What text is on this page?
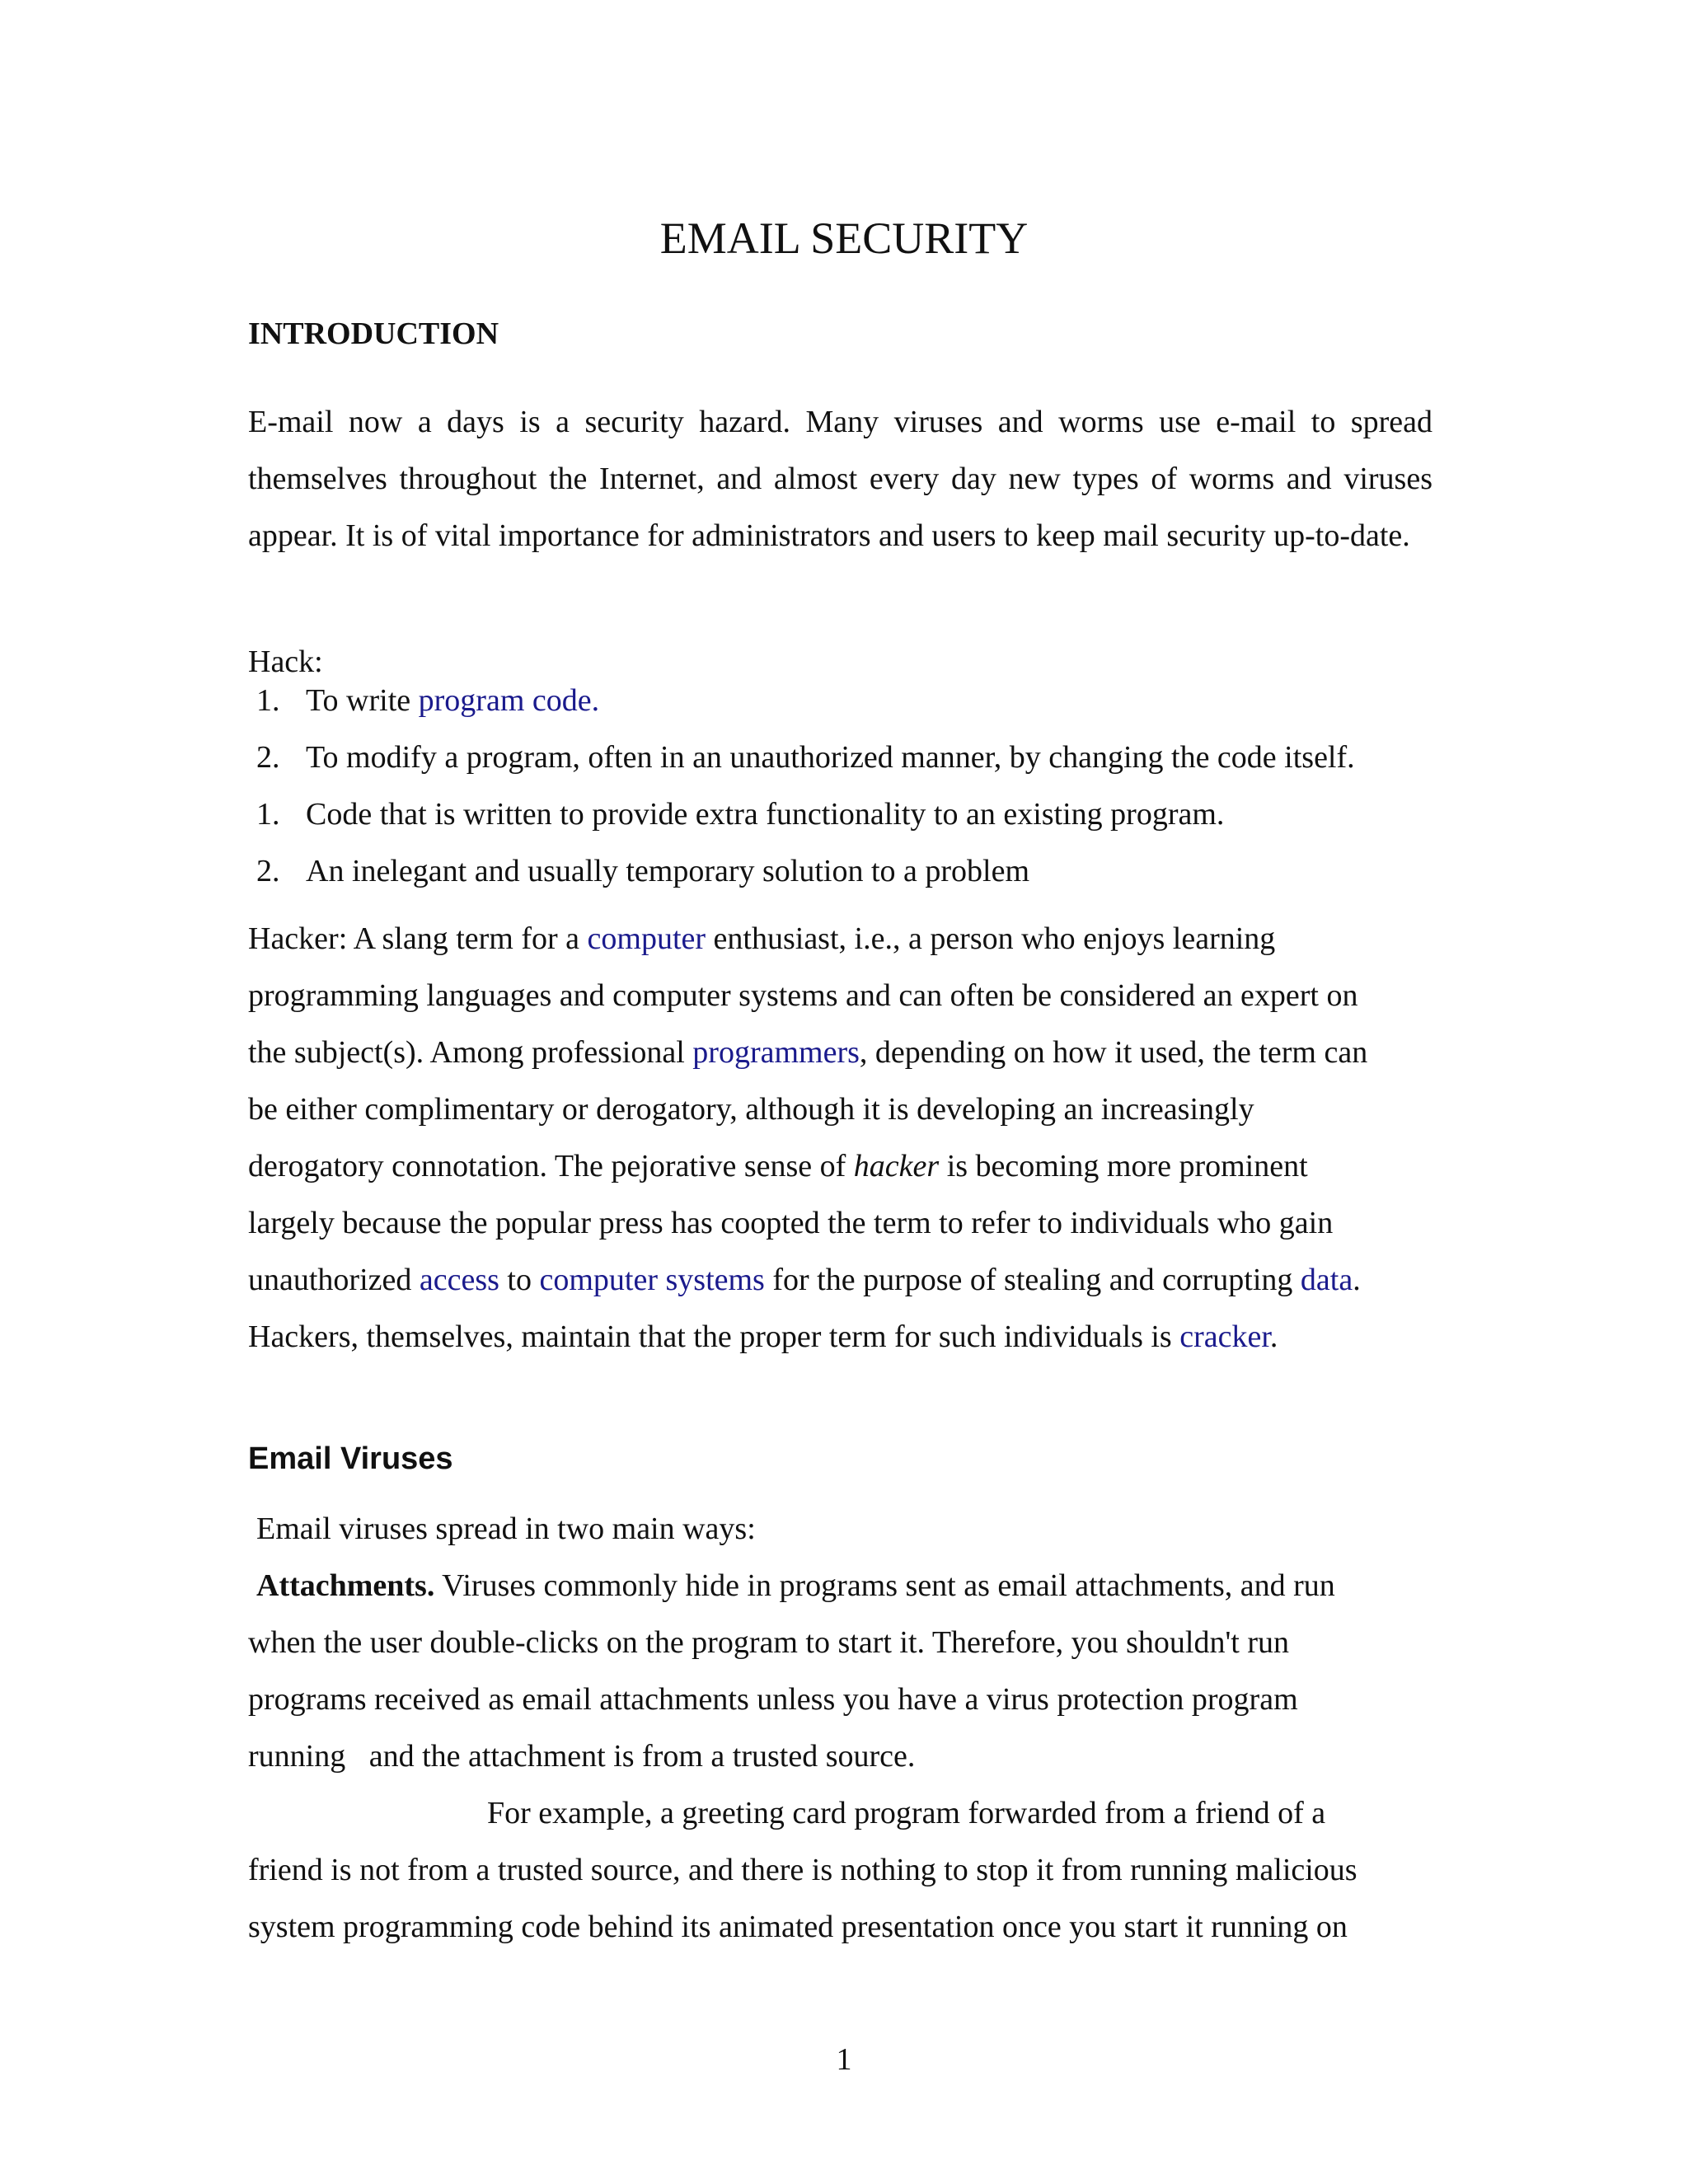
EMAIL SECURITY
INTRODUCTION

E-mail now a days is a security hazard. Many viruses and worms use e-mail to spread themselves throughout the Internet, and almost every day new types of worms and viruses appear. It is of vital importance for administrators and users to keep mail security up-to-date.

Hack:

1. To write program code.
2. To modify a program, often in an unauthorized manner, by changing the code itself.
1. Code that is written to provide extra functionality to an existing program.
2. An inelegant and usually temporary solution to a problem

Hacker: A slang term for a computer enthusiast, i.e., a person who enjoys learning
programming languages and computer systems and can often be considered an expert on
the subject(s). Among professional programmers, depending on how it used, the term can
be either complimentary or derogatory, although it is developing an increasingly
derogatory connotation. The pejorative sense of hacker is becoming more prominent
largely because the popular press has coopted the term to refer to individuals who gain
unauthorized access to computer systems for the purpose of stealing and corrupting data.
Hackers, themselves, maintain that the proper term for such individuals is cracker.

Email Viruses

Email viruses spread in two main ways:
Attachments. Viruses commonly hide in programs sent as email attachments, and run
when the user double-clicks on the program to start it. Therefore, you shouldn't run
programs received as email attachments unless you have a virus protection program
running   and the attachment is from a trusted source.
For example, a greeting card program forwarded from a friend of a
friend is not from a trusted source, and there is nothing to stop it from running malicious
system programming code behind its animated presentation once you start it running on

1
